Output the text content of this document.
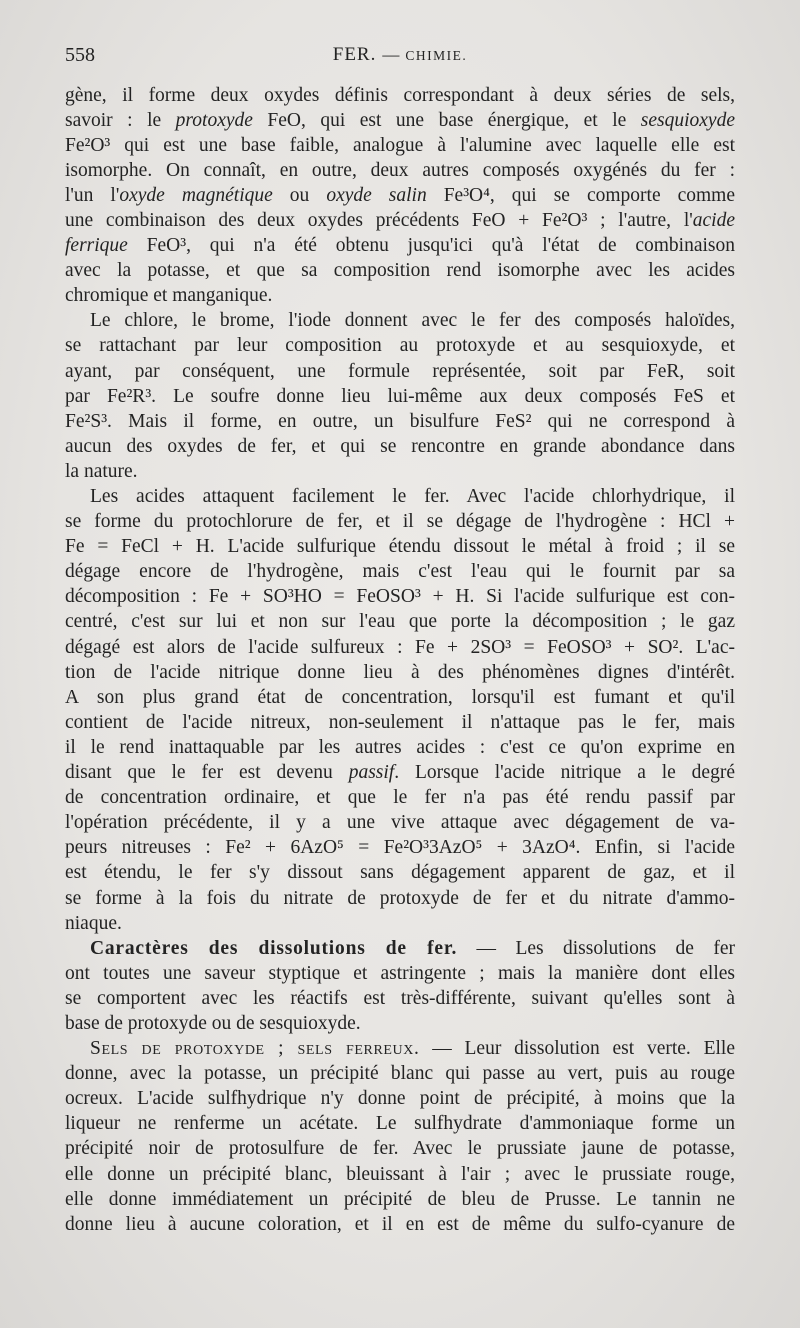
558	FER. — CHIMIE.
gène, il forme deux oxydes définis correspondant à deux séries de sels,
savoir : le protoxyde FeO, qui est une base énergique, et le sesquioxyde
Fe²O³ qui est une base faible, analogue à l'alumine avec laquelle elle est
isomorphe. On connaît, en outre, deux autres composés oxygénés du fer :
l'un l'oxyde magnétique ou oxyde salin Fe³O⁴, qui se comporte comme
une combinaison des deux oxydes précédents FeO + Fe²O³ ; l'autre, l'acide
ferrique FeO³, qui n'a été obtenu jusqu'ici qu'à l'état de combinaison
avec la potasse, et que sa composition rend isomorphe avec les acides
chromique et manganique.
Le chlore, le brome, l'iode donnent avec le fer des composés haloïdes,
se rattachant par leur composition au protoxyde et au sesquioxyde, et
ayant, par conséquent, une formule représentée, soit par FeR, soit
par Fe²R³. Le soufre donne lieu lui-même aux deux composés FeS et
Fe²S³. Mais il forme, en outre, un bisulfure FeS² qui ne correspond à
aucun des oxydes de fer, et qui se rencontre en grande abondance dans
la nature.
Les acides attaquent facilement le fer. Avec l'acide chlorhydrique, il
se forme du protochlorure de fer, et il se dégage de l'hydrogène : HCl +
Fe = FeCl + H. L'acide sulfurique étendu dissout le métal à froid ; il se
dégage encore de l'hydrogène, mais c'est l'eau qui le fournit par sa
décomposition : Fe + SO³HO = FeOSO³ + H. Si l'acide sulfurique est con-
centré, c'est sur lui et non sur l'eau que porte la décomposition ; le gaz
dégagé est alors de l'acide sulfureux : Fe + 2SO³ = FeOSO³ + SO². L'ac-
tion de l'acide nitrique donne lieu à des phénomènes dignes d'intérêt.
A son plus grand état de concentration, lorsqu'il est fumant et qu'il
contient de l'acide nitreux, non-seulement il n'attaque pas le fer, mais
il le rend inattaquable par les autres acides : c'est ce qu'on exprime en
disant que le fer est devenu passif. Lorsque l'acide nitrique a le degré
de concentration ordinaire, et que le fer n'a pas été rendu passif par
l'opération précédente, il y a une vive attaque avec dégagement de va-
peurs nitreuses : Fe² + 6AzO⁵ = Fe²O³3AzO⁵ + 3AzO⁴. Enfin, si l'acide
est étendu, le fer s'y dissout sans dégagement apparent de gaz, et il
se forme à la fois du nitrate de protoxyde de fer et du nitrate d'ammo-
niaque.
Caractères des dissolutions de fer. — Les dissolutions de fer
ont toutes une saveur styptique et astringente ; mais la manière dont elles
se comportent avec les réactifs est très-différente, suivant qu'elles sont à
base de protoxyde ou de sesquioxyde.
Sels de protoxyde ; sels ferreux. — Leur dissolution est verte. Elle
donne, avec la potasse, un précipité blanc qui passe au vert, puis au rouge
ocreux. L'acide sulfhydrique n'y donne point de précipité, à moins que la
liqueur ne renferme un acétate. Le sulfhydrate d'ammoniaque forme un
précipité noir de protosulfure de fer. Avec le prussiate jaune de potasse,
elle donne un précipité blanc, bleuissant à l'air ; avec le prussiate rouge,
elle donne immédiatement un précipité de bleu de Prusse. Le tannin ne
donne lieu à aucune coloration, et il en est de même du sulfo-cyanure de
